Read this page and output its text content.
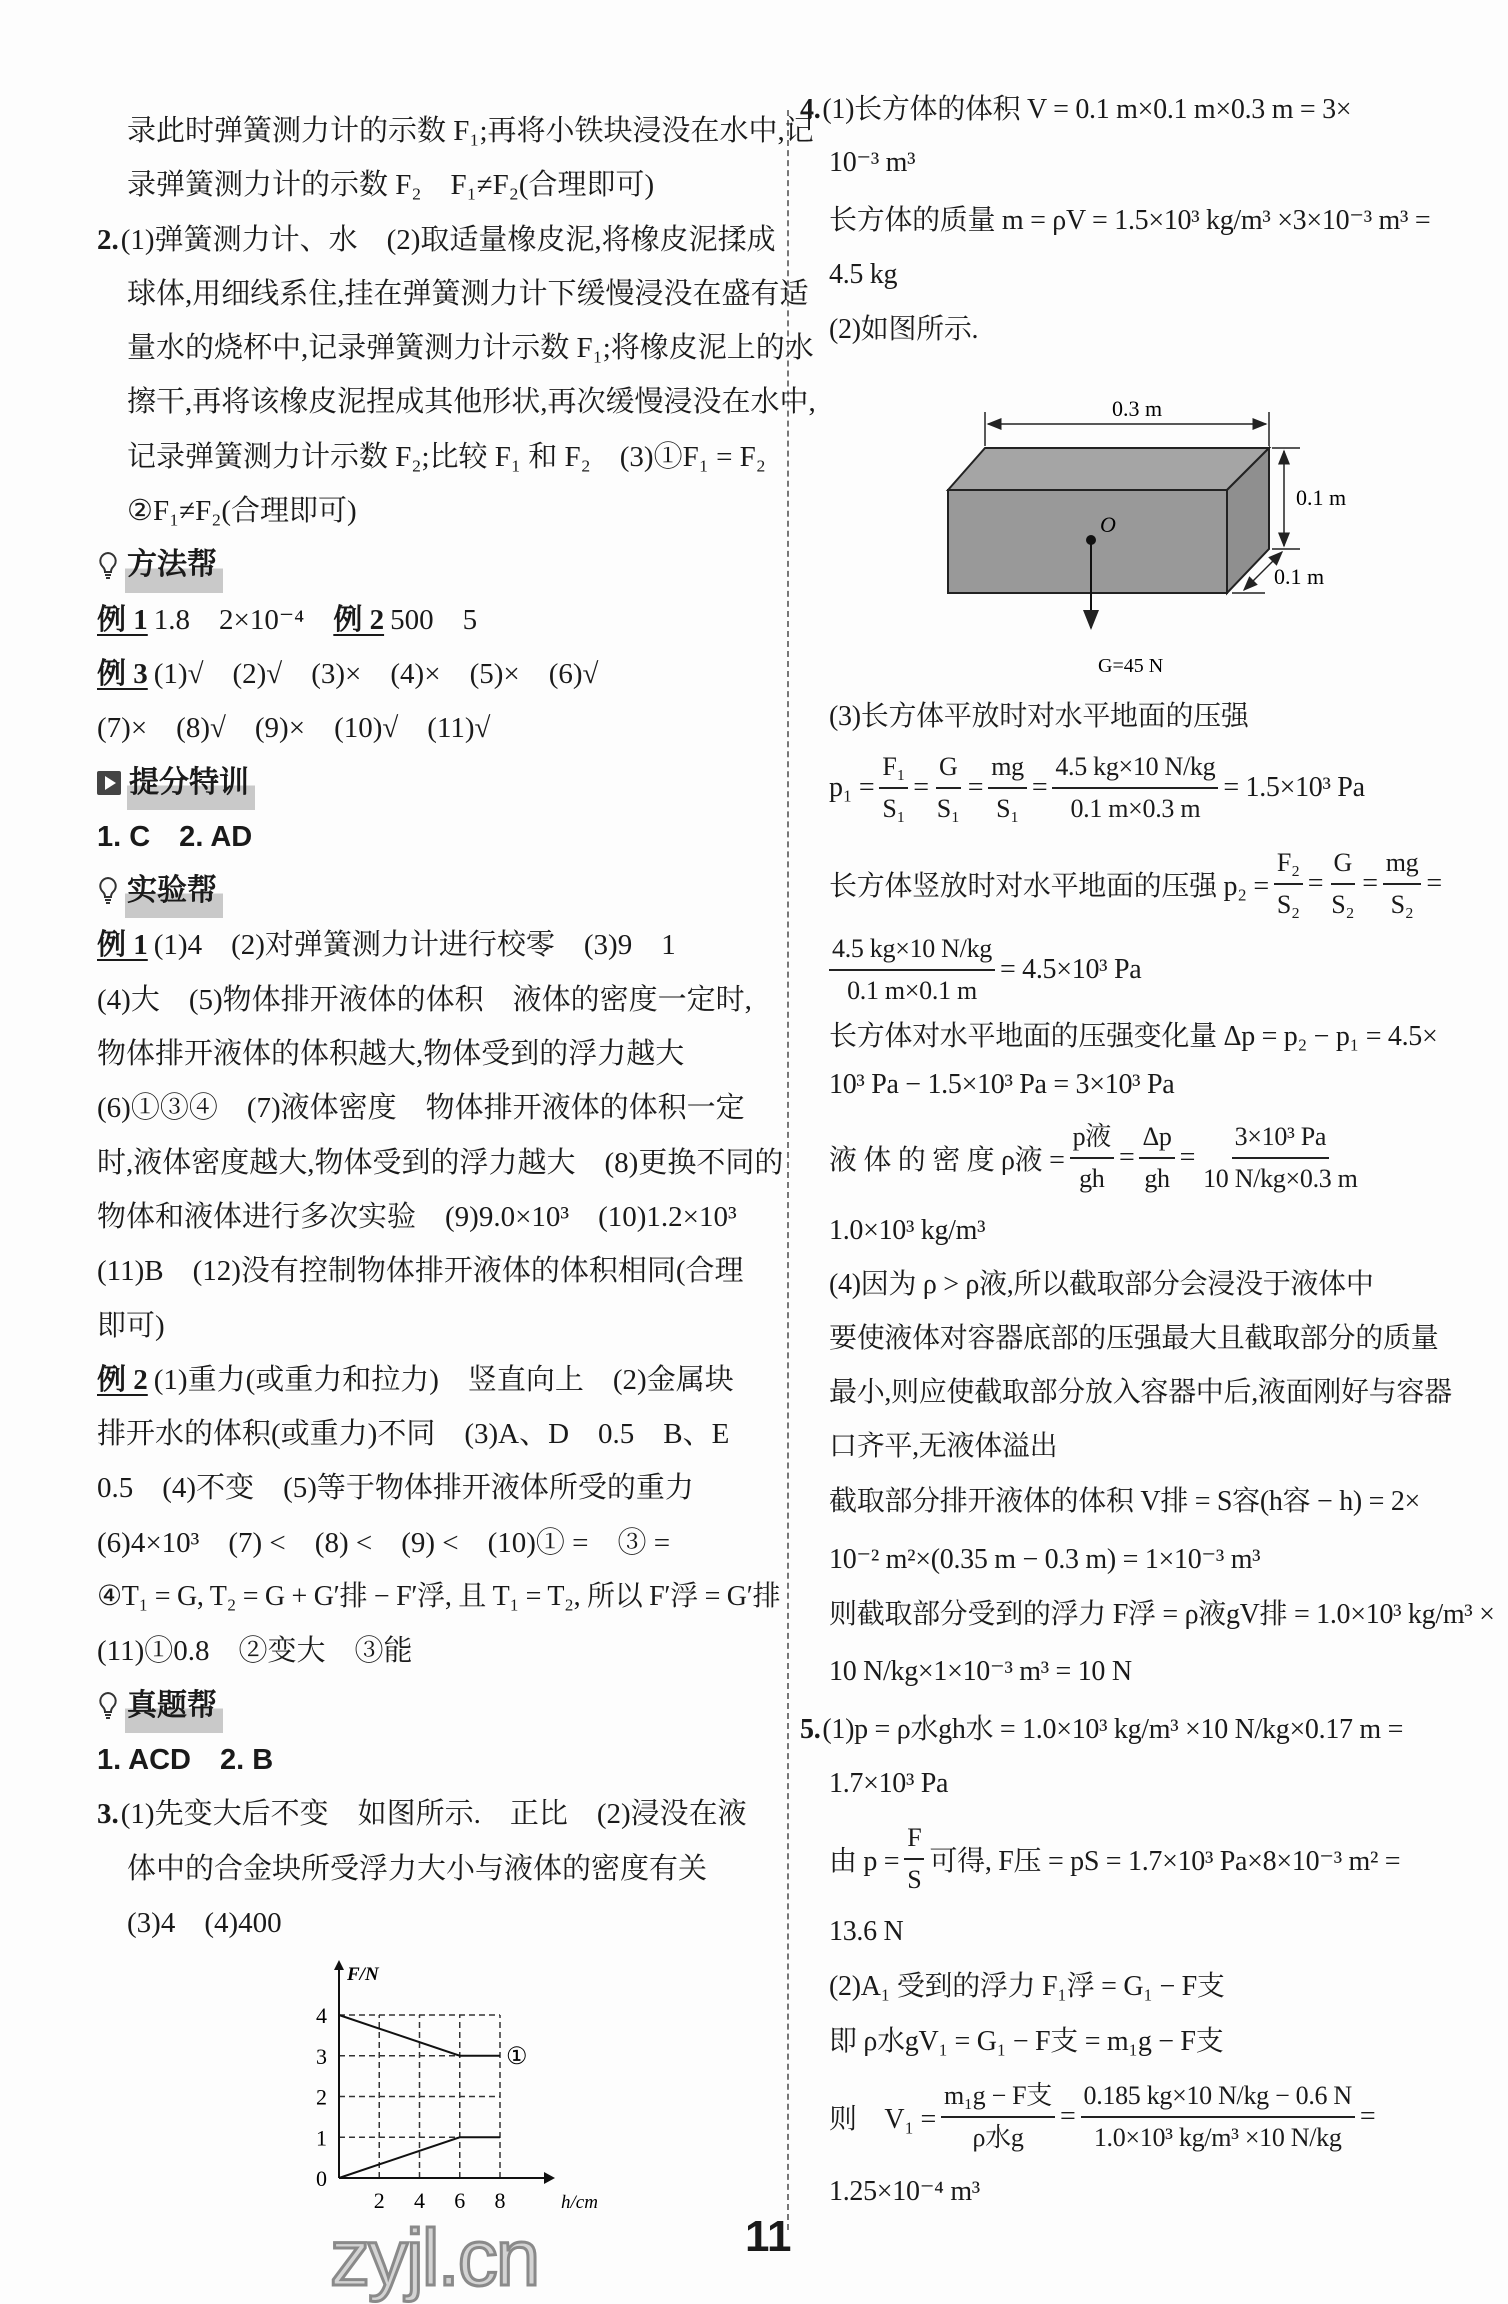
录此时弹簧测力计的示数 F₁;再将小铁块浸没在水中,记
录弹簧测力计的示数 F₂　F₁≠F₂(合理即可)
2.(1)弹簧测力计、水　(2)取适量橡皮泥,将橡皮泥揉成
球体,用细线系住,挂在弹簧测力计下缓慢浸没在盛有适
量水的烧杯中,记录弹簧测力计示数 F₁;将橡皮泥上的水
擦干,再将该橡皮泥捏成其他形状,再次缓慢浸没在水中,
记录弹簧测力计示数 F₂;比较 F₁ 和 F₂　(3)①F₁ = F₂
②F₁≠F₂(合理即可)
方法帮
例 1 1.8　2×10⁻⁴　 例 2 500　5
例 3 (1)√　(2)√　(3)×　(4)×　(5)×　(6)√
(7)×　(8)√　(9)×　(10)√　(11)√
提分特训
1. C　2. AD
实验帮
例 1 (1)4　(2)对弹簧测力计进行校零　(3)9　1
(4)大　(5)物体排开液体的体积　液体的密度一定时,
物体排开液体的体积越大,物体受到的浮力越大
(6)①③④　(7)液体密度　物体排开液体的体积一定
时,液体密度越大,物体受到的浮力越大　(8)更换不同的
物体和液体进行多次实验　(9)9.0×10³　(10)1.2×10³
(11)B　(12)没有控制物体排开液体的体积相同(合理
即可)
例 2 (1)重力(或重力和拉力)　竖直向上　(2)金属块
排开水的体积(或重力)不同　(3)A、D　0.5　B、E
0.5　(4)不变　(5)等于物体排开液体所受的重力
(6)4×10³　(7) <　(8) <　(9) <　(10)① =　③ =
④T₁ = G, T₂ = G + G′排 − F′浮, 且 T₁ = T₂, 所以 F′浮 = G′排
(11)①0.8　②变大　③能
真题帮
1. ACD　2. B
3.(1)先变大后不变　如图所示.　正比　(2)浸没在液
体中的合金块所受浮力大小与液体的密度有关
(3)4　(4)400
2 4 6 8
0
1
2
3
4
h/cm
F/N
①
4.(1)长方体的体积 V = 0.1 m×0.1 m×0.3 m = 3×
10⁻³ m³
长方体的质量 m = ρV = 1.5×10³ kg/m³ ×3×10⁻³ m³ =
4.5 kg
(2)如图所示.
0.3 m
0.1 m
0.1 m
O
G=45 N
(3)长方体平放时对水平地面的压强
$p_1 = \frac{\text{F₁}}{\text{S₁}} = \frac{G}{\text{S₁}} = \frac{mg}{\text{S₁}} = \frac{4.5 kg\times 10 N/kg}{0.1 m\times 0.3 m} = 1.5\times 10^3$ Pa
长方体竖放时对水平地面的压强 $p_2 = \frac{\text{F₂}}{\text{S₂}} = \frac{G}{\text{S₂}} = \frac{mg}{\text{S₂}}$ =
$\frac{4.5 kg\times 10 N/kg}{0.1 m\times 0.1 m} = 4.5\times 10^3$ Pa
长方体对水平地面的压强变化量 Δp = p₂ − p₁ = 4.5×
10³ Pa − 1.5×10³ Pa = 3×10³ Pa
液 体 的 密 度 ρ液 = $\frac{\text{p液}}{gh} = \frac{\Delta p}{gh} = \frac{\text{3×10³ Pa}}{10 N/kg\times 0.3 m}$
1.0×10³ kg/m³
(4)因为 ρ > ρ液,所以截取部分会浸没于液体中
要使液体对容器底部的压强最大且截取部分的质量
最小,则应使截取部分放入容器中后,液面刚好与容器
口齐平,无液体溢出
截取部分排开液体的体积 V排 = S容(h容 − h) = 2×
10⁻² m²×(0.35 m − 0.3 m) = 1×10⁻³ m³
则截取部分受到的浮力 F浮 = ρ液gV排 = 1.0×10³ kg/m³ ×
10 N/kg×1×10⁻³ m³ = 10 N
5.(1)p = ρ水gh水 = 1.0×10³ kg/m³ ×10 N/kg×0.17 m =
1.7×10³ Pa
由 $p = \frac{F}{S}$ 可得, F压 = pS = 1.7×10³ Pa×8×10⁻³ m² =
13.6 N
(2)A₁ 受到的浮力 F₁浮 = G₁ − F支
即 ρ水gV₁ = G₁ − F支 = m₁g − F支
则　$V_1 = \frac{\text{m₁g − F支}}{\text{ρ水g}} = \frac{0.185 kg\times 10 N/kg - 0.6 N}{\text{1.0×10³ kg/m³ ×10 N/kg}}$ =
1.25×10⁻⁴ m³
zyjl.cn	11
